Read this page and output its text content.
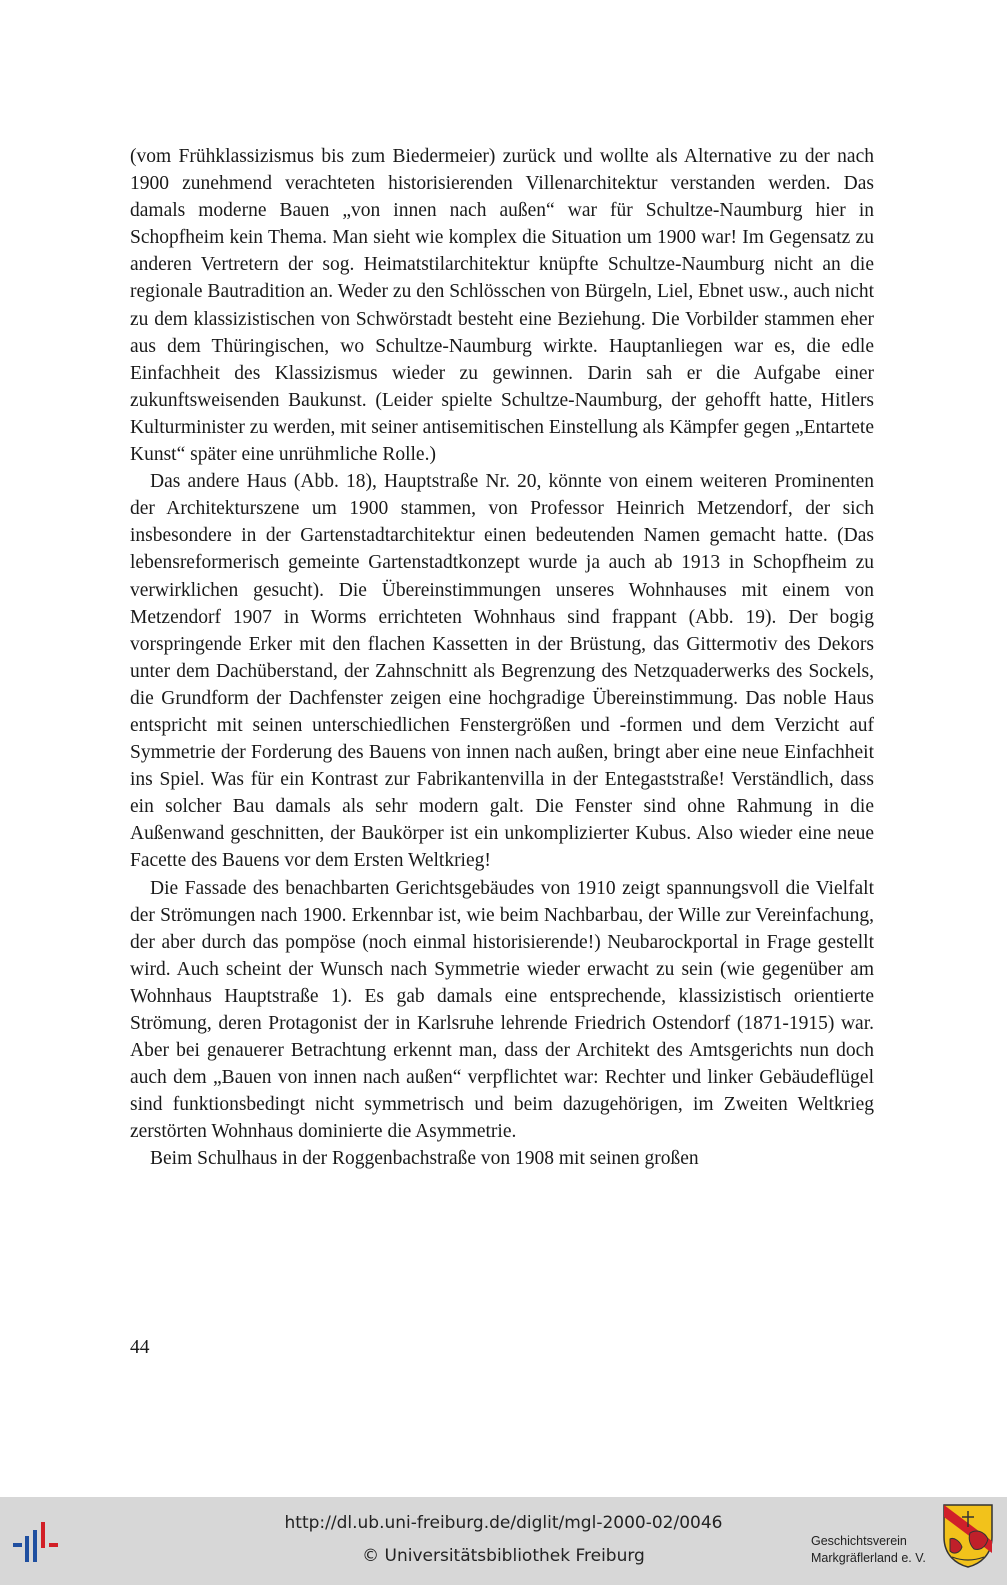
(vom Frühklassizismus bis zum Biedermeier) zurück und wollte als Alternative zu der nach 1900 zunehmend verachteten historisierenden Villenarchitektur verstanden werden. Das damals moderne Bauen „von innen nach außen“ war für Schultze-Naumburg hier in Schopfheim kein Thema. Man sieht wie komplex die Situation um 1900 war! Im Gegensatz zu anderen Vertretern der sog. Heimatstilarchitektur knüpfte Schultze-Naumburg nicht an die regionale Bautradition an. Weder zu den Schlösschen von Bürgeln, Liel, Ebnet usw., auch nicht zu dem klassizistischen von Schwörstadt besteht eine Beziehung. Die Vorbilder stammen eher aus dem Thüringischen, wo Schultze-Naumburg wirkte. Hauptanliegen war es, die edle Einfachheit des Klassizismus wieder zu gewinnen. Darin sah er die Aufgabe einer zukunftsweisenden Baukunst. (Leider spielte Schultze-Naumburg, der gehofft hatte, Hitlers Kulturminister zu werden, mit seiner antisemitischen Einstellung als Kämpfer gegen „Entartete Kunst“ später eine unrühmliche Rolle.)

Das andere Haus (Abb. 18), Hauptstraße Nr. 20, könnte von einem weiteren Prominenten der Architekturszene um 1900 stammen, von Professor Heinrich Metzendorf, der sich insbesondere in der Gartenstadtarchitektur einen bedeutenden Namen gemacht hatte. (Das lebensreformerisch gemeinte Gartenstadtkonzept wurde ja auch ab 1913 in Schopfheim zu verwirklichen gesucht). Die Übereinstimmungen unseres Wohnhauses mit einem von Metzendorf 1907 in Worms errichteten Wohnhaus sind frappant (Abb. 19). Der bogig vorspringende Erker mit den flachen Kassetten in der Brüstung, das Gittermotiv des Dekors unter dem Dachüberstand, der Zahnschnitt als Begrenzung des Netzquaderwerks des Sockels, die Grundform der Dachfenster zeigen eine hochgradige Übereinstimmung. Das noble Haus entspricht mit seinen unterschiedlichen Fenstergrößen und -formen und dem Verzicht auf Symmetrie der Forderung des Bauens von innen nach außen, bringt aber eine neue Einfachheit ins Spiel. Was für ein Kontrast zur Fabrikantenvilla in der Entegaststraße! Verständlich, dass ein solcher Bau damals als sehr modern galt. Die Fenster sind ohne Rahmung in die Außenwand geschnitten, der Baukörper ist ein unkomplizierter Kubus. Also wieder eine neue Facette des Bauens vor dem Ersten Weltkrieg!

Die Fassade des benachbarten Gerichtsgebäudes von 1910 zeigt spannungsvoll die Vielfalt der Strömungen nach 1900. Erkennbar ist, wie beim Nachbarbau, der Wille zur Vereinfachung, der aber durch das pompöse (noch einmal historisierende!) Neubarockportal in Frage gestellt wird. Auch scheint der Wunsch nach Symmetrie wieder erwacht zu sein (wie gegenüber am Wohnhaus Hauptstraße 1). Es gab damals eine entsprechende, klassizistisch orientierte Strömung, deren Protagonist der in Karlsruhe lehrende Friedrich Ostendorf (1871-1915) war. Aber bei genauerer Betrachtung erkennt man, dass der Architekt des Amtsgerichts nun doch auch dem „Bauen von innen nach außen“ verpflichtet war: Rechter und linker Gebäudeflügel sind funktionsbedingt nicht symmetrisch und beim dazugehörigen, im Zweiten Weltkrieg zerstörten Wohnhaus dominierte die Asymmetrie.

Beim Schulhaus in der Roggenbachstraße von 1908 mit seinen großen

44
http://dl.ub.uni-freiburg.de/diglit/mgl-2000-02/0046
© Universitätsbibliothek Freiburg
Geschichtsverein
Markgräflerland e. V.
